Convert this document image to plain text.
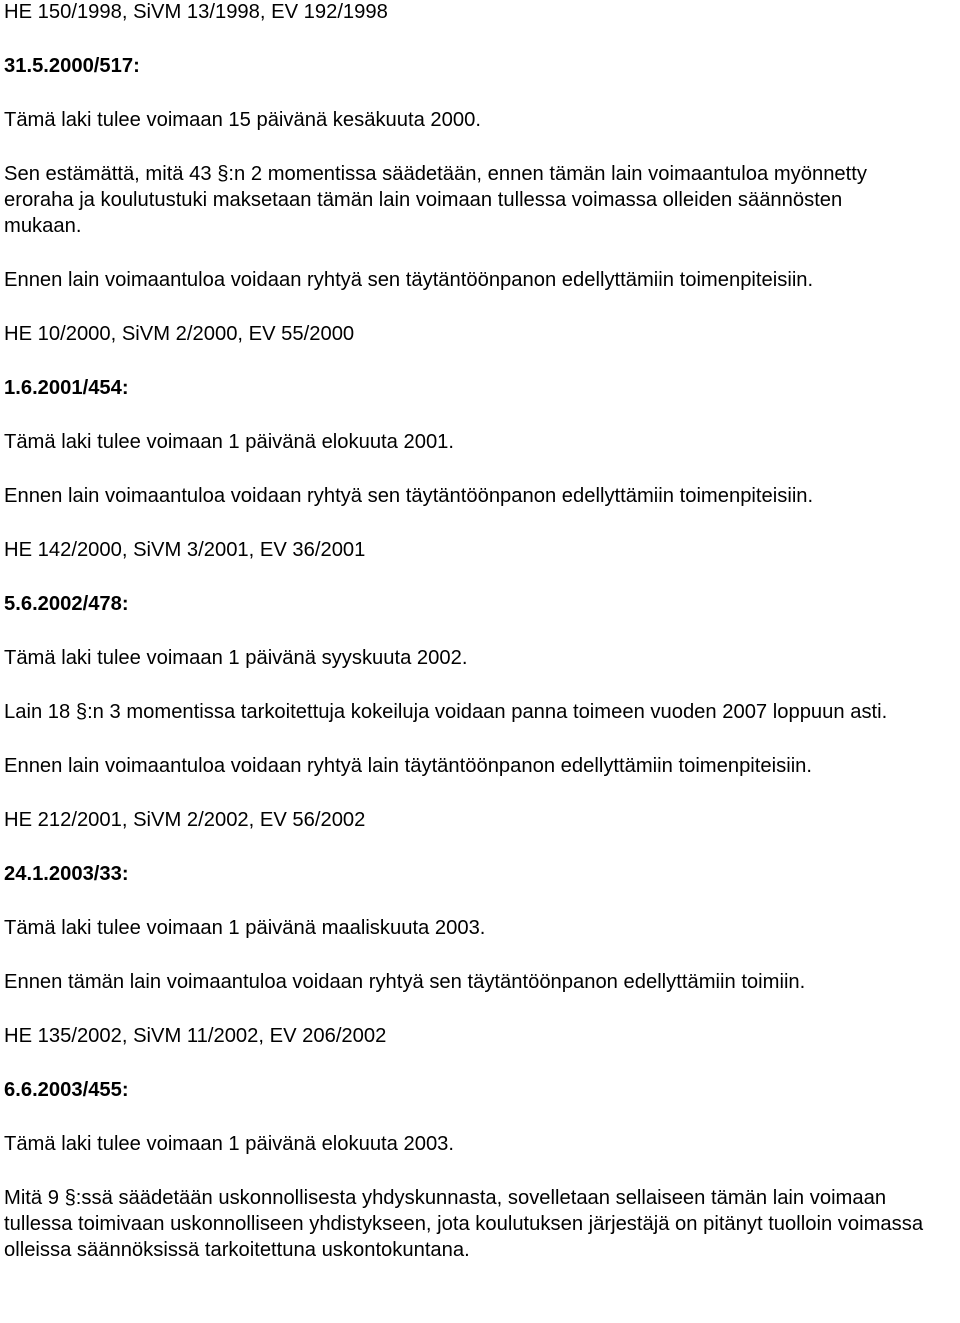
HE 150/1998, SiVM 13/1998, EV 192/1998

31.5.2000/517:

Tämä laki tulee voimaan 15 päivänä kesäkuuta 2000.

Sen estämättä, mitä 43 §:n 2 momentissa säädetään, ennen tämän lain voimaantuloa myönnetty eroraha ja koulutustuki maksetaan tämän lain voimaan tullessa voimassa olleiden säännösten mukaan.

Ennen lain voimaantuloa voidaan ryhtyä sen täytäntöönpanon edellyttämiin toimenpiteisiin.

HE 10/2000, SiVM 2/2000, EV 55/2000

1.6.2001/454:

Tämä laki tulee voimaan 1 päivänä elokuuta 2001.

Ennen lain voimaantuloa voidaan ryhtyä sen täytäntöönpanon edellyttämiin toimenpiteisiin.

HE 142/2000, SiVM 3/2001, EV 36/2001

5.6.2002/478:

Tämä laki tulee voimaan 1 päivänä syyskuuta 2002.

Lain 18 §:n 3 momentissa tarkoitettuja kokeiluja voidaan panna toimeen vuoden 2007 loppuun asti.

Ennen lain voimaantuloa voidaan ryhtyä lain täytäntöönpanon edellyttämiin toimenpiteisiin.

HE 212/2001, SiVM 2/2002, EV 56/2002

24.1.2003/33:

Tämä laki tulee voimaan 1 päivänä maaliskuuta 2003.

Ennen tämän lain voimaantuloa voidaan ryhtyä sen täytäntöönpanon edellyttämiin toimiin.

HE 135/2002, SiVM 11/2002, EV 206/2002

6.6.2003/455:

Tämä laki tulee voimaan 1 päivänä elokuuta 2003.

Mitä 9 §:ssä säädetään uskonnollisesta yhdyskunnasta, sovelletaan sellaiseen tämän lain voimaan tullessa toimivaan uskonnolliseen yhdistykseen, jota koulutuksen järjestäjä on pitänyt tuolloin voimassa olleissa säännöksissä tarkoitettuna uskontokuntana.
